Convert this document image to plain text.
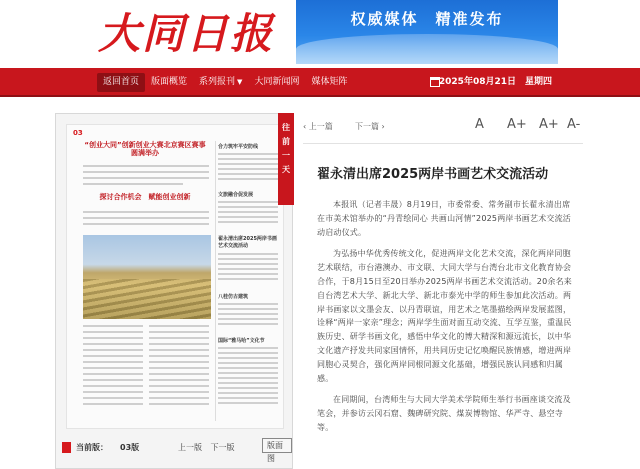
大同日报	权威媒体　精准发布
返回首页	版面概览	系列报刊 ▼	大同新闻网	媒体矩阵	2025年08月21日　星期四
03
“创业大同”创新创业大赛北京赛区赛事圆满举办
探讨合作机会　赋能创业创新
合力筑牢平安防线
文旅融合促发展
翟永清出席2025两岸书画艺术交流活动
八桂仿古建筑
国际“雅马哈”文化节
当前版： 03版	上一版 下一版	版面图
往前一天
‹ 上一篇	下一篇 ›	A A+ A+ A-
翟永清出席2025两岸书画艺术交流活动

本报讯（记者丰晟）8月19日，市委常委、常务副市长翟永清出席在市美术馆举办的“丹青绘同心 共画山河情”2025两岸书画艺术交流活动启动仪式。

为弘扬中华优秀传统文化，促进两岸文化艺术交流，深化两岸同胞艺术联结，市台港澳办、市文联、大同大学与台湾台北市文化教育协会合作，于8月15日至20日举办2025两岸书画艺术交流活动。20余名来自台湾艺术大学、新北大学、新北市泰光中学的师生参加此次活动。两岸书画家以文墨会友、以丹青联谊，用艺术之笔墨描绘两岸发展蓝图，诠释“两岸一家亲”理念；两岸学生面对面互动交流、互学互鉴，重温民族历史、研学书画文化，感悟中华文化的博大精深和源远流长，以中华文化遗产抒发共同家国情怀，用共同历史记忆唤醒民族情感，增进两岸同胞心灵契合，强化两岸同根同源文化基础，增强民族认同感和归属感。

在同期间，台湾师生与大同大学美术学院师生举行书画座谈交流及笔会，并参访云冈石窟、魏碑研究院、煤炭博物馆、华严寺、悬空寺等。
